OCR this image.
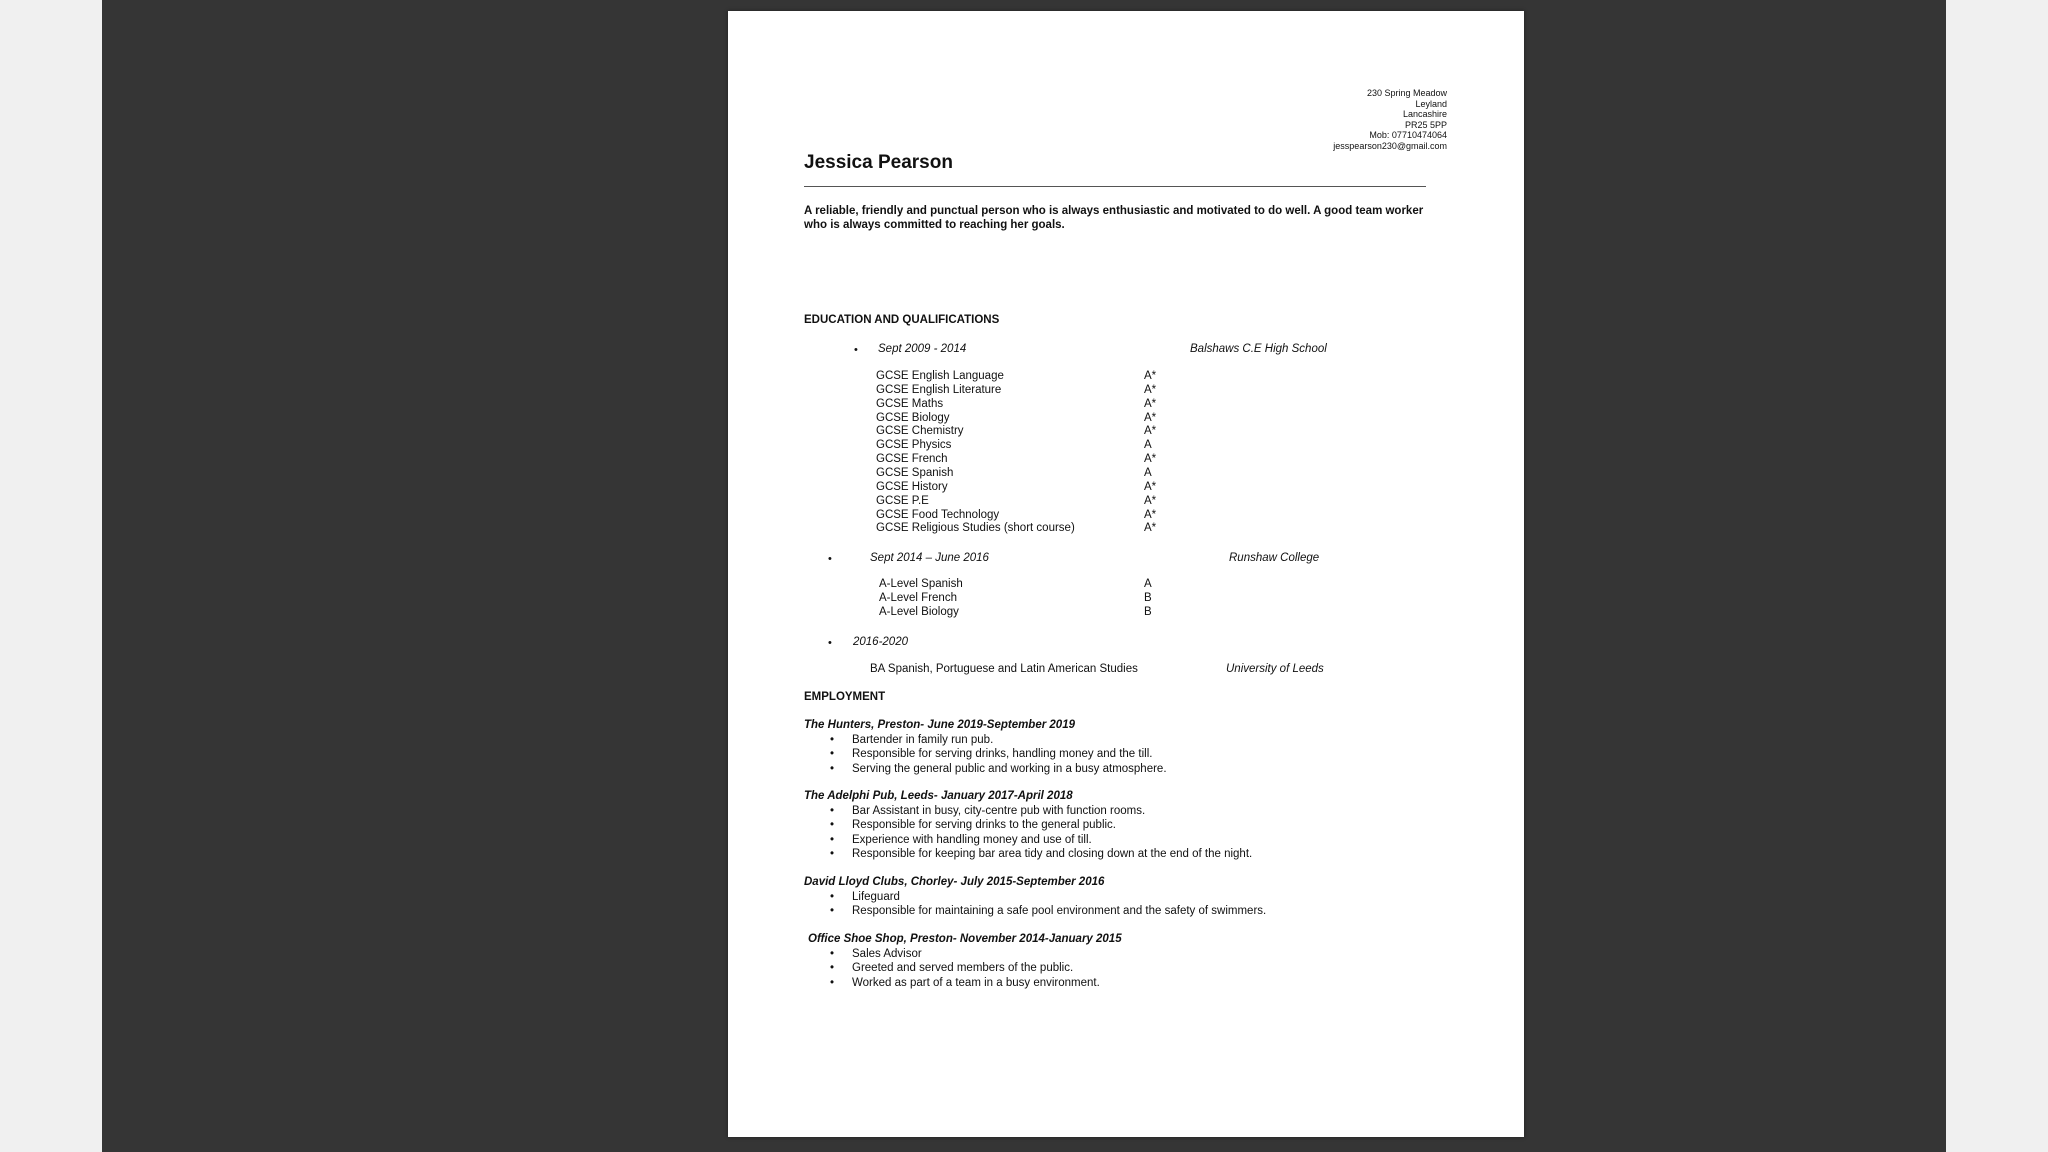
230 Spring Meadow
Leyland
Lancashire
PR25 5PP
Mob: 07710474064
jesspearson230@gmail.com
Jessica Pearson
A reliable, friendly and punctual person who is always enthusiastic and motivated to do well. A good team worker who is always committed to reaching her goals.
EDUCATION AND QUALIFICATIONS
• Sept 2009 - 2014	Balshaws C.E High School
GCSE English Language	A*
GCSE English Literature	A*
GCSE Maths	A*
GCSE Biology	A*
GCSE Chemistry	A*
GCSE Physics	A
GCSE French	A*
GCSE Spanish	A
GCSE History	A*
GCSE P.E	A*
GCSE Food Technology	A*
GCSE Religious Studies (short course)	A*
•	Sept 2014 – June 2016	Runshaw College
A-Level Spanish	A
A-Level French	B
A-Level Biology	B
• 2016-2020
BA Spanish, Portuguese and Latin American Studies	University of Leeds
EMPLOYMENT
The Hunters, Preston- June 2019-September 2019
• Bartender in family run pub.
• Responsible for serving drinks, handling money and the till.
• Serving the general public and working in a busy atmosphere.
The Adelphi Pub, Leeds- January 2017-April 2018
• Bar Assistant in busy, city-centre pub with function rooms.
• Responsible for serving drinks to the general public.
• Experience with handling money and use of till.
• Responsible for keeping bar area tidy and closing down at the end of the night.
David Lloyd Clubs, Chorley- July 2015-September 2016
• Lifeguard
• Responsible for maintaining a safe pool environment and the safety of swimmers.
Office Shoe Shop, Preston- November 2014-January 2015
• Sales Advisor
• Greeted and served members of the public.
• Worked as part of a team in a busy environment.
